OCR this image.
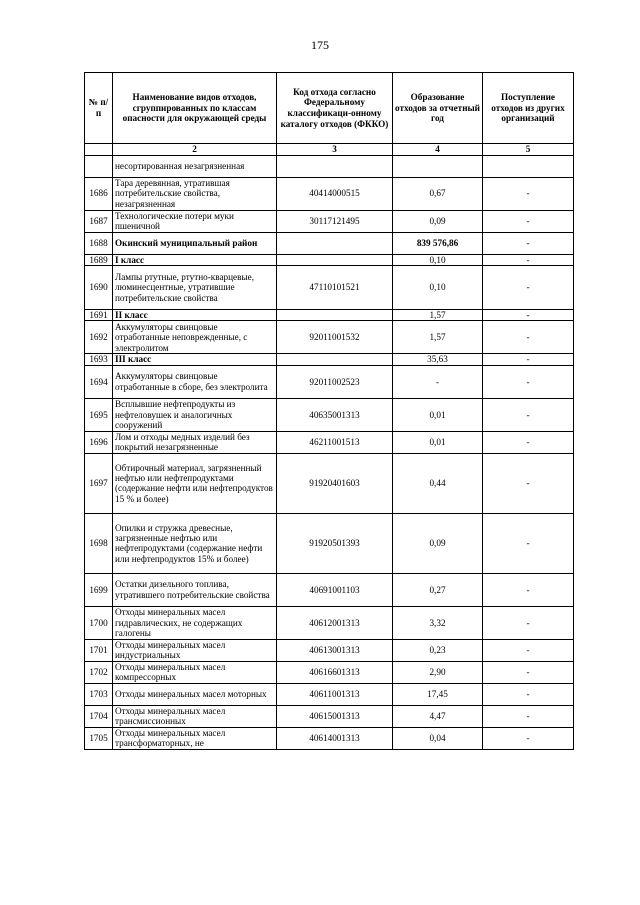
175
№ п/п	Наименование видов отходов, сгруппированных по классам опасности для окружающей среды	Код отхода согласно Федеральному классификаци-онному каталогу отходов (ФККО)	Образование отходов за отчетный год	Поступление отходов из других организаций
	2	3	4	5
	несортированная незагрязненная			
1686	Тара деревянная, утратившая потребительские свойства, незагрязненная	40414000515	0,67	-
1687	Технологические потери муки пшеничной	30117121495	0,09	-
1688	Окинский муниципальный район		839 576,86	-
1689	I класс		0,10	-
1690	Лампы ртутные, ртутно-кварцевые, люминесцентные, утратившие потребительские свойства	47110101521	0,10	-
1691	II класс		1,57	-
1692	Аккумуляторы свинцовые отработанные неповрежденные, с электролитом	92011001532	1,57	-
1693	III класс		35,63	-
1694	Аккумуляторы свинцовые отработанные в сборе, без электролита	92011002523	-	-
1695	Всплывшие нефтепродукты из нефтеловушек и аналогичных сооружений	40635001313	0,01	-
1696	Лом и отходы медных изделий без покрытий незагрязненные	46211001513	0,01	-
1697	Обтирочный материал, загрязненный нефтью или нефтепродуктами (содержание нефти или нефтепродуктов 15 % и более)	91920401603	0,44	-
1698	Опилки и стружка древесные, загрязненные нефтью или нефтепродуктами (содержание нефти или нефтепродуктов 15% и более)	91920501393	0,09	-
1699	Остатки дизельного топлива, утратившего потребительские свойства	40691001103	0,27	-
1700	Отходы минеральных масел гидравлических, не содержащих галогены	40612001313	3,32	-
1701	Отходы минеральных масел индустриальных	40613001313	0,23	-
1702	Отходы минеральных масел компрессорных	40616601313	2,90	-
1703	Отходы минеральных масел моторных	40611001313	17,45	-
1704	Отходы минеральных масел трансмиссионных	40615001313	4,47	-
1705	Отходы минеральных масел трансформаторных, не	40614001313	0,04	-
